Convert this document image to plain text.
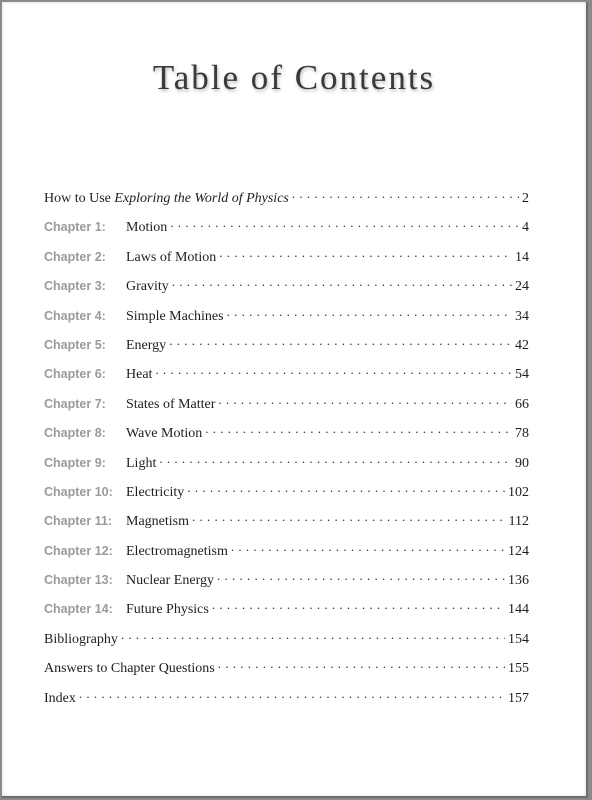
Table of Contents
How to Use Exploring the World of Physics . . .	2
Chapter 1:	Motion . . .	4
Chapter 2:	Laws of Motion . . .	14
Chapter 3:	Gravity . . .	24
Chapter 4:	Simple Machines . . .	34
Chapter 5:	Energy . . .	42
Chapter 6:	Heat . . .	54
Chapter 7:	States of Matter . . .	66
Chapter 8:	Wave Motion . . .	78
Chapter 9:	Light . . .	90
Chapter 10: Electricity . . .	102
Chapter 11: Magnetism . . .	112
Chapter 12: Electromagnetism . . .	124
Chapter 13: Nuclear Energy . . .	136
Chapter 14: Future Physics . . .	144
Bibliography . . .	154
Answers to Chapter Questions . . .	155
Index . . .	157
